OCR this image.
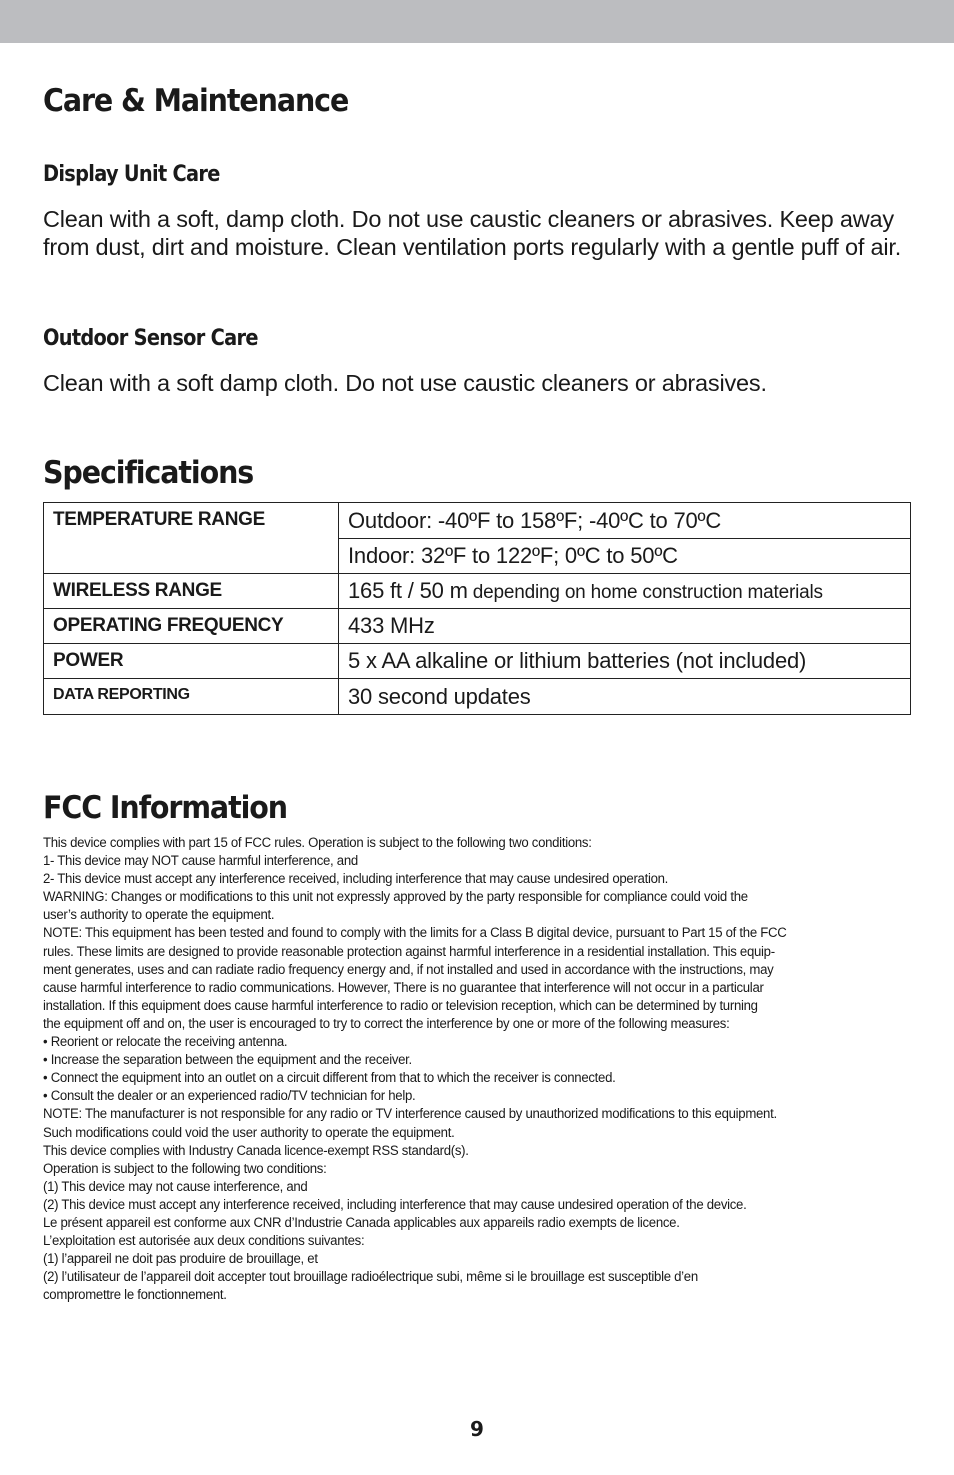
Care & Maintenance
Display Unit Care

Clean with a soft, damp cloth. Do not use caustic cleaners or abrasives. Keep away from dust, dirt and moisture. Clean ventilation ports regularly with a gentle puff of air.

Outdoor Sensor Care

Clean with a soft damp cloth. Do not use caustic cleaners or abrasives.

Specifications
TEMPERATURE RANGE	Outdoor: -40ºF to 158ºF; -40ºC to 70ºC
	Indoor: 32ºF to 122ºF; 0ºC to 50ºC
WIRELESS RANGE	165 ft / 50 m depending on home construction materials
OPERATING FREQUENCY	433 MHz
POWER	5 x AA alkaline or lithium batteries (not included)
DATA REPORTING	30 second updates
FCC Information
This device complies with part 15 of FCC rules. Operation is subject to the following two conditions:
1- This device may NOT cause harmful interference, and
2- This device must accept any interference received, including interference that may cause undesired operation.
WARNING: Changes or modifications to this unit not expressly approved by the party responsible for compliance could void the
user’s authority to operate the equipment.
NOTE: This equipment has been tested and found to comply with the limits for a Class B digital device, pursuant to Part 15 of the FCC
rules. These limits are designed to provide reasonable protection against harmful interference in a residential installation. This equip-
ment generates, uses and can radiate radio frequency energy and, if not installed and used in accordance with the instructions, may
cause harmful interference to radio communications. However, There is no guarantee that interference will not occur in a particular
installation. If this equipment does cause harmful interference to radio or television reception, which can be determined by turning
the equipment off and on, the user is encouraged to try to correct the interference by one or more of the following measures:
• Reorient or relocate the receiving antenna.
• Increase the separation between the equipment and the receiver.
• Connect the equipment into an outlet on a circuit different from that to which the receiver is connected.
• Consult the dealer or an experienced radio/TV technician for help.
NOTE: The manufacturer is not responsible for any radio or TV interference caused by unauthorized modifications to this equipment.
Such modifications could void the user authority to operate the equipment.
This device complies with Industry Canada licence-exempt RSS standard(s).
Operation is subject to the following two conditions:
(1) This device may not cause interference, and
(2) This device must accept any interference received, including interference that may cause undesired operation of the device.
Le présent appareil est conforme aux CNR d’Industrie Canada applicables aux appareils radio exempts de licence.
L’exploitation est autorisée aux deux conditions suivantes:
(1) l’appareil ne doit pas produire de brouillage, et
(2) l’utilisateur de l’appareil doit accepter tout brouillage radioélectrique subi, même si le brouillage est susceptible d’en
compromettre le fonctionnement.
9
